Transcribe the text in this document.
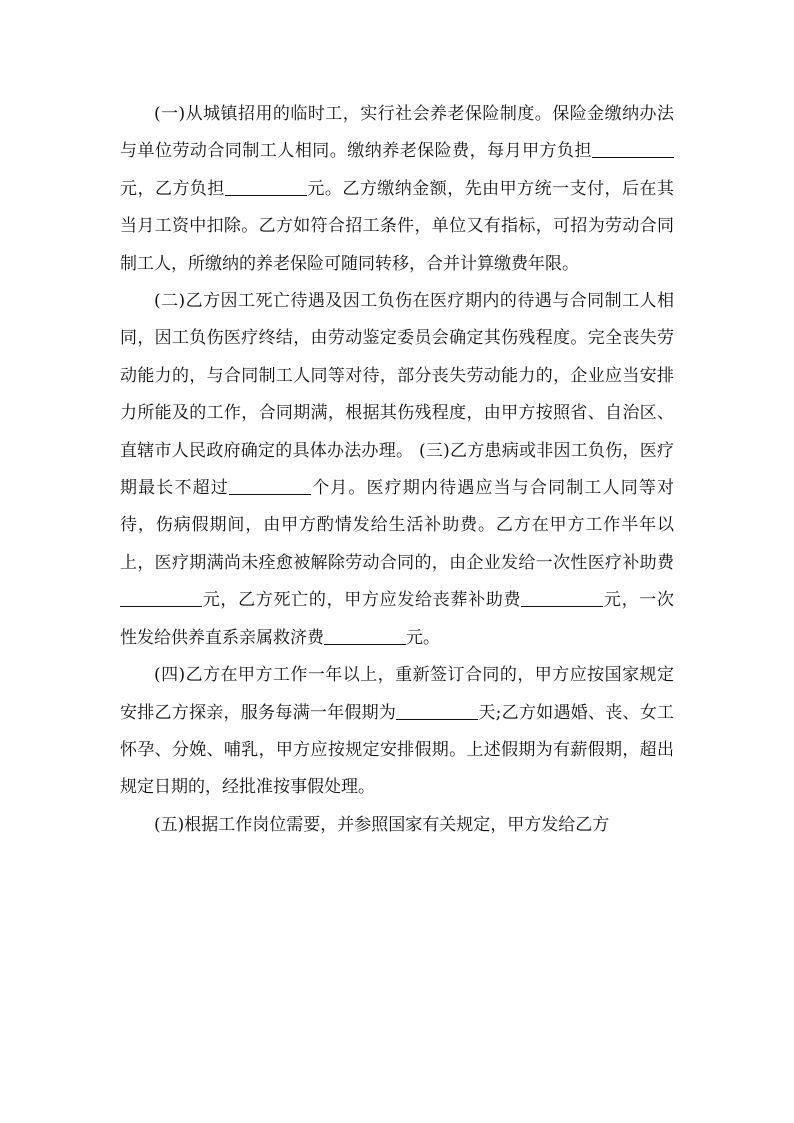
(一)从城镇招用的临时工，实行社会养老保险制度。保险金缴纳办法与单位劳动合同制工人相同。缴纳养老保险费，每月甲方负担元，乙方负担	元。乙方缴纳金额，先由甲方统一支付，后在其当月工资中扣除。乙方如符合招工条件，单位又有指标，可招为劳动合同制工人，所缴纳的养老保险可随同转移，合并计算缴费年限。

(二)乙方因工死亡待遇及因工负伤在医疗期内的待遇与合同制工人相同，因工负伤医疗终结，由劳动鉴定委员会确定其伤残程度。完全丧失劳动能力的，与合同制工人同等对待，部分丧失劳动能力的，企业应当安排力所能及的工作，合同期满，根据其伤残程度，由甲方按照省、自治区、直辖市人民政府确定的具体办法办理。 (三)乙方患病或非因工负伤，医疗期最长不超过	个月。医疗期内待遇应当与合同制工人同等对待，伤病假期间，由甲方酌情发给生活补助费。乙方在甲方工作半年以上，医疗期满尚未痊愈被解除劳动合同的，由企业发给一次性医疗补助费元，乙方死亡的，甲方应发给丧葬补助费	元，一次性发给供养直系亲属救济费	元。

(四)乙方在甲方工作一年以上，重新签订合同的，甲方应按国家规定安排乙方探亲，服务每满一年假期为	天;乙方如遇婚、丧、女工怀孕、分娩、哺乳，甲方应按规定安排假期。上述假期为有薪假期，超出规定日期的，经批准按事假处理。

(五)根据工作岗位需要，并参照国家有关规定，甲方发给乙方
